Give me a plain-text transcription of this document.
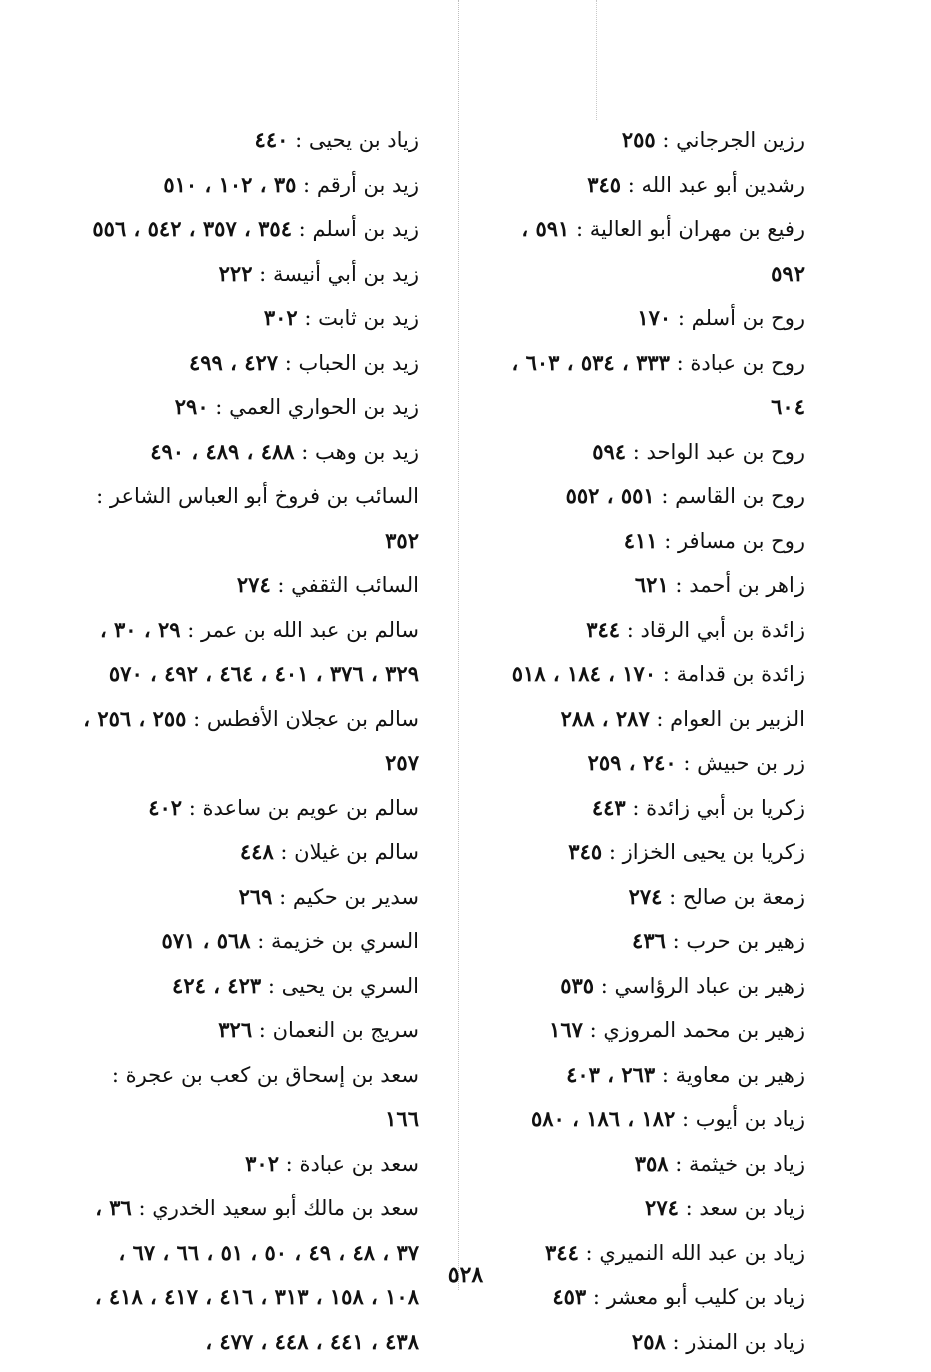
رزين الجرجاني : ٢٥٥
رشدين أبو عبد الله : ٣٤٥
رفيع بن مهران أبو العالية : ٥٩١ ، ٥٩٢
روح بن أسلم : ١٧٠
روح بن عبادة : ٣٣٣ ، ٥٣٤ ، ٦٠٣ ، ٦٠٤
روح بن عبد الواحد : ٥٩٤
روح بن القاسم : ٥٥١ ، ٥٥٢
روح بن مسافر : ٤١١
زاهر بن أحمد : ٦٢١
زائدة بن أبي الرقاد : ٣٤٤
زائدة بن قدامة : ١٧٠ ، ١٨٤ ، ٥١٨
الزبير بن العوام : ٢٨٧ ، ٢٨٨
زر بن حبيش : ٢٤٠ ، ٢٥٩
زكريا بن أبي زائدة : ٤٤٣
زكريا بن يحيى الخزاز : ٣٤٥
زمعة بن صالح : ٢٧٤
زهير بن حرب : ٤٣٦
زهير بن عباد الرؤاسي : ٥٣٥
زهير بن محمد المروزي : ١٦٧
زهير بن معاوية : ٢٦٣ ، ٤٠٣
زياد بن أيوب : ١٨٢ ، ١٨٦ ، ٥٨٠
زياد بن خيثمة : ٣٥٨
زياد بن سعد : ٢٧٤
زياد بن عبد الله النميري : ٣٤٤
زياد بن كليب أبو معشر : ٤٥٣
زياد بن المنذر : ٢٥٨
زياد بن يحيى : ٤٤٠
زيد بن أرقم : ٣٥ ، ١٠٢ ، ٥١٠
زيد بن أسلم : ٣٥٤ ، ٣٥٧ ، ٥٤٢ ، ٥٥٦
زيد بن أبي أنيسة : ٢٢٢
زيد بن ثابت : ٣٠٢
زيد بن الحباب : ٤٢٧ ، ٤٩٩
زيد بن الحواري العمي : ٢٩٠
زيد بن وهب : ٤٨٨ ، ٤٨٩ ، ٤٩٠
السائب بن فروخ أبو العباس الشاعر : ٣٥٢
السائب الثقفي : ٢٧٤
سالم بن عبد الله بن عمر : ٢٩ ، ٣٠ ، ٣٢٩ ، ٣٧٦ ، ٤٠١ ، ٤٦٤ ، ٤٩٢ ، ٥٧٠
سالم بن عجلان الأفطس : ٢٥٥ ، ٢٥٦ ، ٢٥٧
سالم بن عويم بن ساعدة : ٤٠٢
سالم بن غيلان : ٤٤٨
سدير بن حكيم : ٢٦٩
السري بن خزيمة : ٥٦٨ ، ٥٧١
السري بن يحيى : ٤٢٣ ، ٤٢٤
سريج بن النعمان : ٣٢٦
سعد بن إسحاق بن كعب بن عجرة : ١٦٦
سعد بن عبادة : ٣٠٢
سعد بن مالك أبو سعيد الخدري : ٣٦ ، ٣٧ ، ٤٨ ، ٤٩ ، ٥٠ ، ٥١ ، ٦٦ ، ٦٧ ، ١٠٨ ، ١٥٨ ، ٣١٣ ، ٤١٦ ، ٤١٧ ، ٤١٨ ، ٤٣٨ ، ٤٤١ ، ٤٤٨ ، ٤٧٧ ،
٥٢٨
